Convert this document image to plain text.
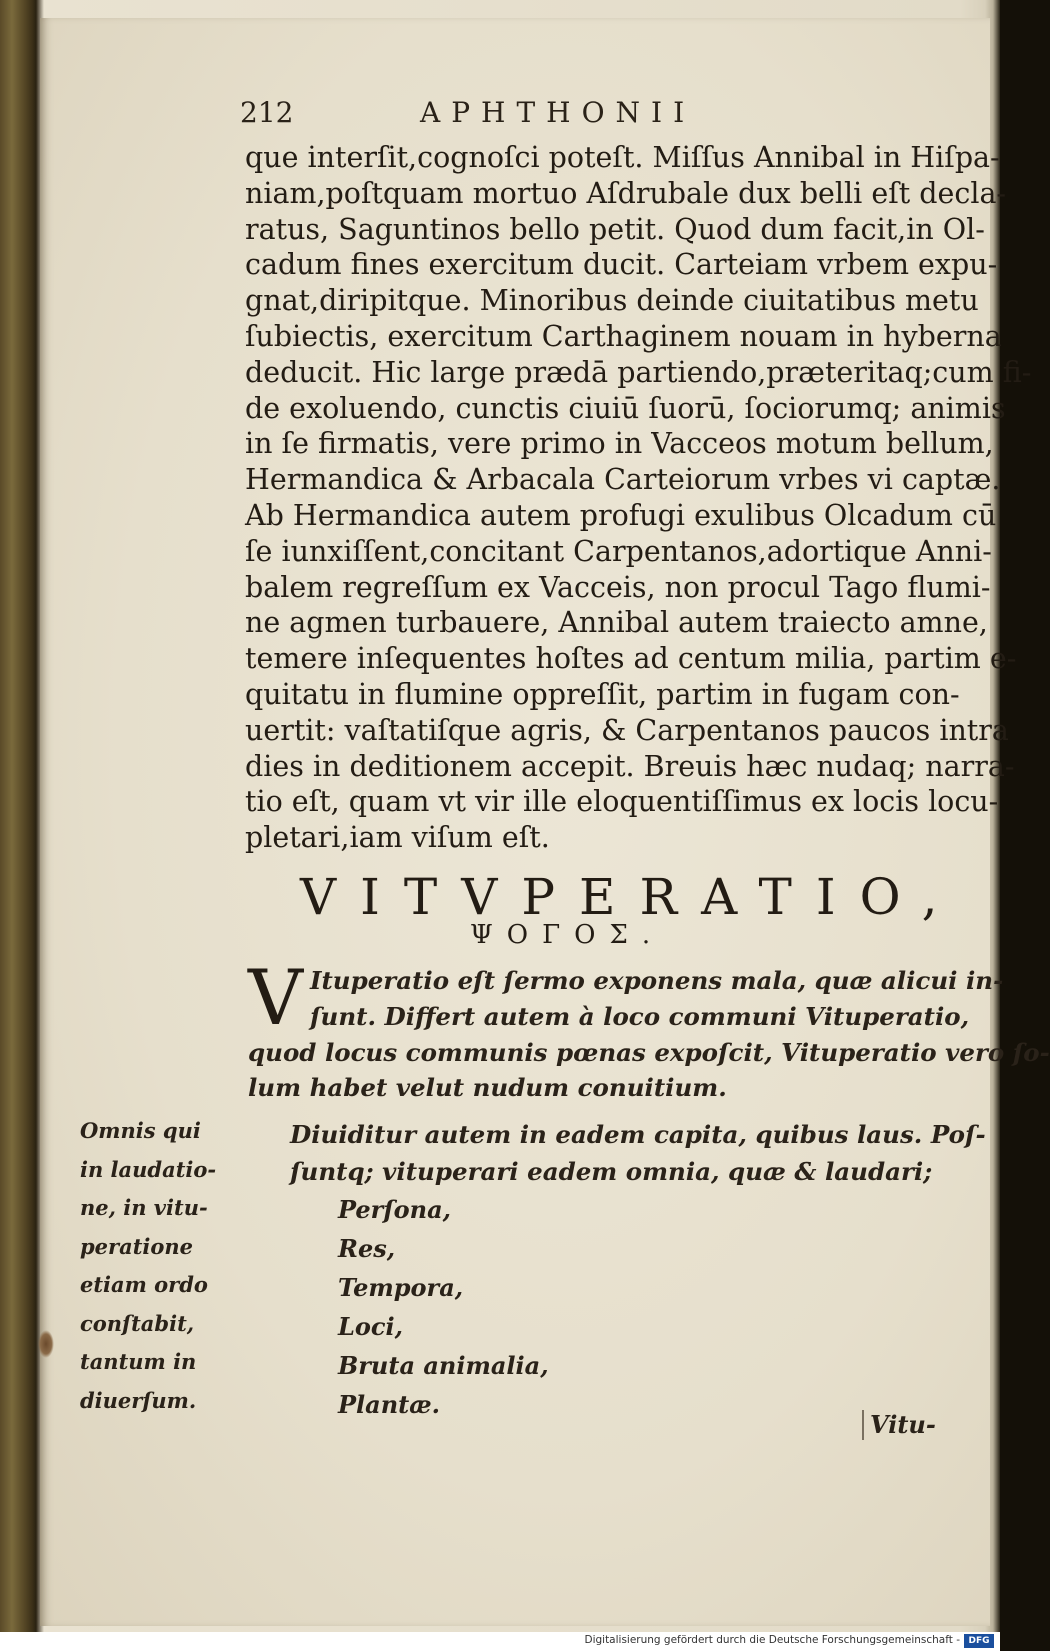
212	APHTHONII
que interſit,cognoſci poteſt. Miſſus Annibal in Hiſpa-
niam,poſtquam mortuo Aſdrubale dux belli eſt decla-
ratus, Saguntinos bello petit. Quod dum facit,in Ol-
cadum fines exercitum ducit. Carteiam vrbem expu-
gnat,diripitque. Minoribus deinde ciuitatibus metu
ſubiectis, exercitum Carthaginem nouam in hyberna
deducit. Hic large prædā partiendo,præteritaq;cum fi-
de exoluendo, cunctis ciuiū ſuorū, ſociorumq; animis
in ſe firmatis, vere primo in Vacceos motum bellum,
Hermandica & Arbacala Carteiorum vrbes vi captæ.
Ab Hermandica autem profugi exulibus Olcadum cū
ſe iunxiſſent,concitant Carpentanos,adortique Anni-
balem regreſſum ex Vacceis, non procul Tago flumi-
ne agmen turbauere, Annibal autem traiecto amne,
temere inſequentes hoſtes ad centum milia, partim e-
quitatu in flumine oppreſſit, partim in fugam con-
uertit: vaſtatiſque agris, & Carpentanos paucos intra
dies in deditionem accepit. Breuis hæc nudaq; narra-
tio eſt, quam vt vir ille eloquentiſſimus ex locis locu-
pletari,iam viſum eſt.
VITVPERATIO,
ΨΟΓΟΣ.
V Ituperatio eſt ſermo exponens mala, quæ alicui in-
ſunt. Differt autem à loco communi Vituperatio,
quod locus communis pœnas expoſcit, Vituperatio vero ſo-
lum habet velut nudum conuitium.
Diuiditur autem in eadem capita, quibus laus. Poſ-
ſuntq; vituperari eadem omnia, quæ & laudari;
Perſona,
Res,
Tempora,
Loci,
Bruta animalia,
Plantæ.
Omnis qui
in laudatio-
ne, in vitu-
peratione
etiam ordo
conſtabit,
tantum in
diuerſum.
Vitu-
Digitalisierung gefördert durch die Deutsche Forschungsgemeinschaft - DFG
